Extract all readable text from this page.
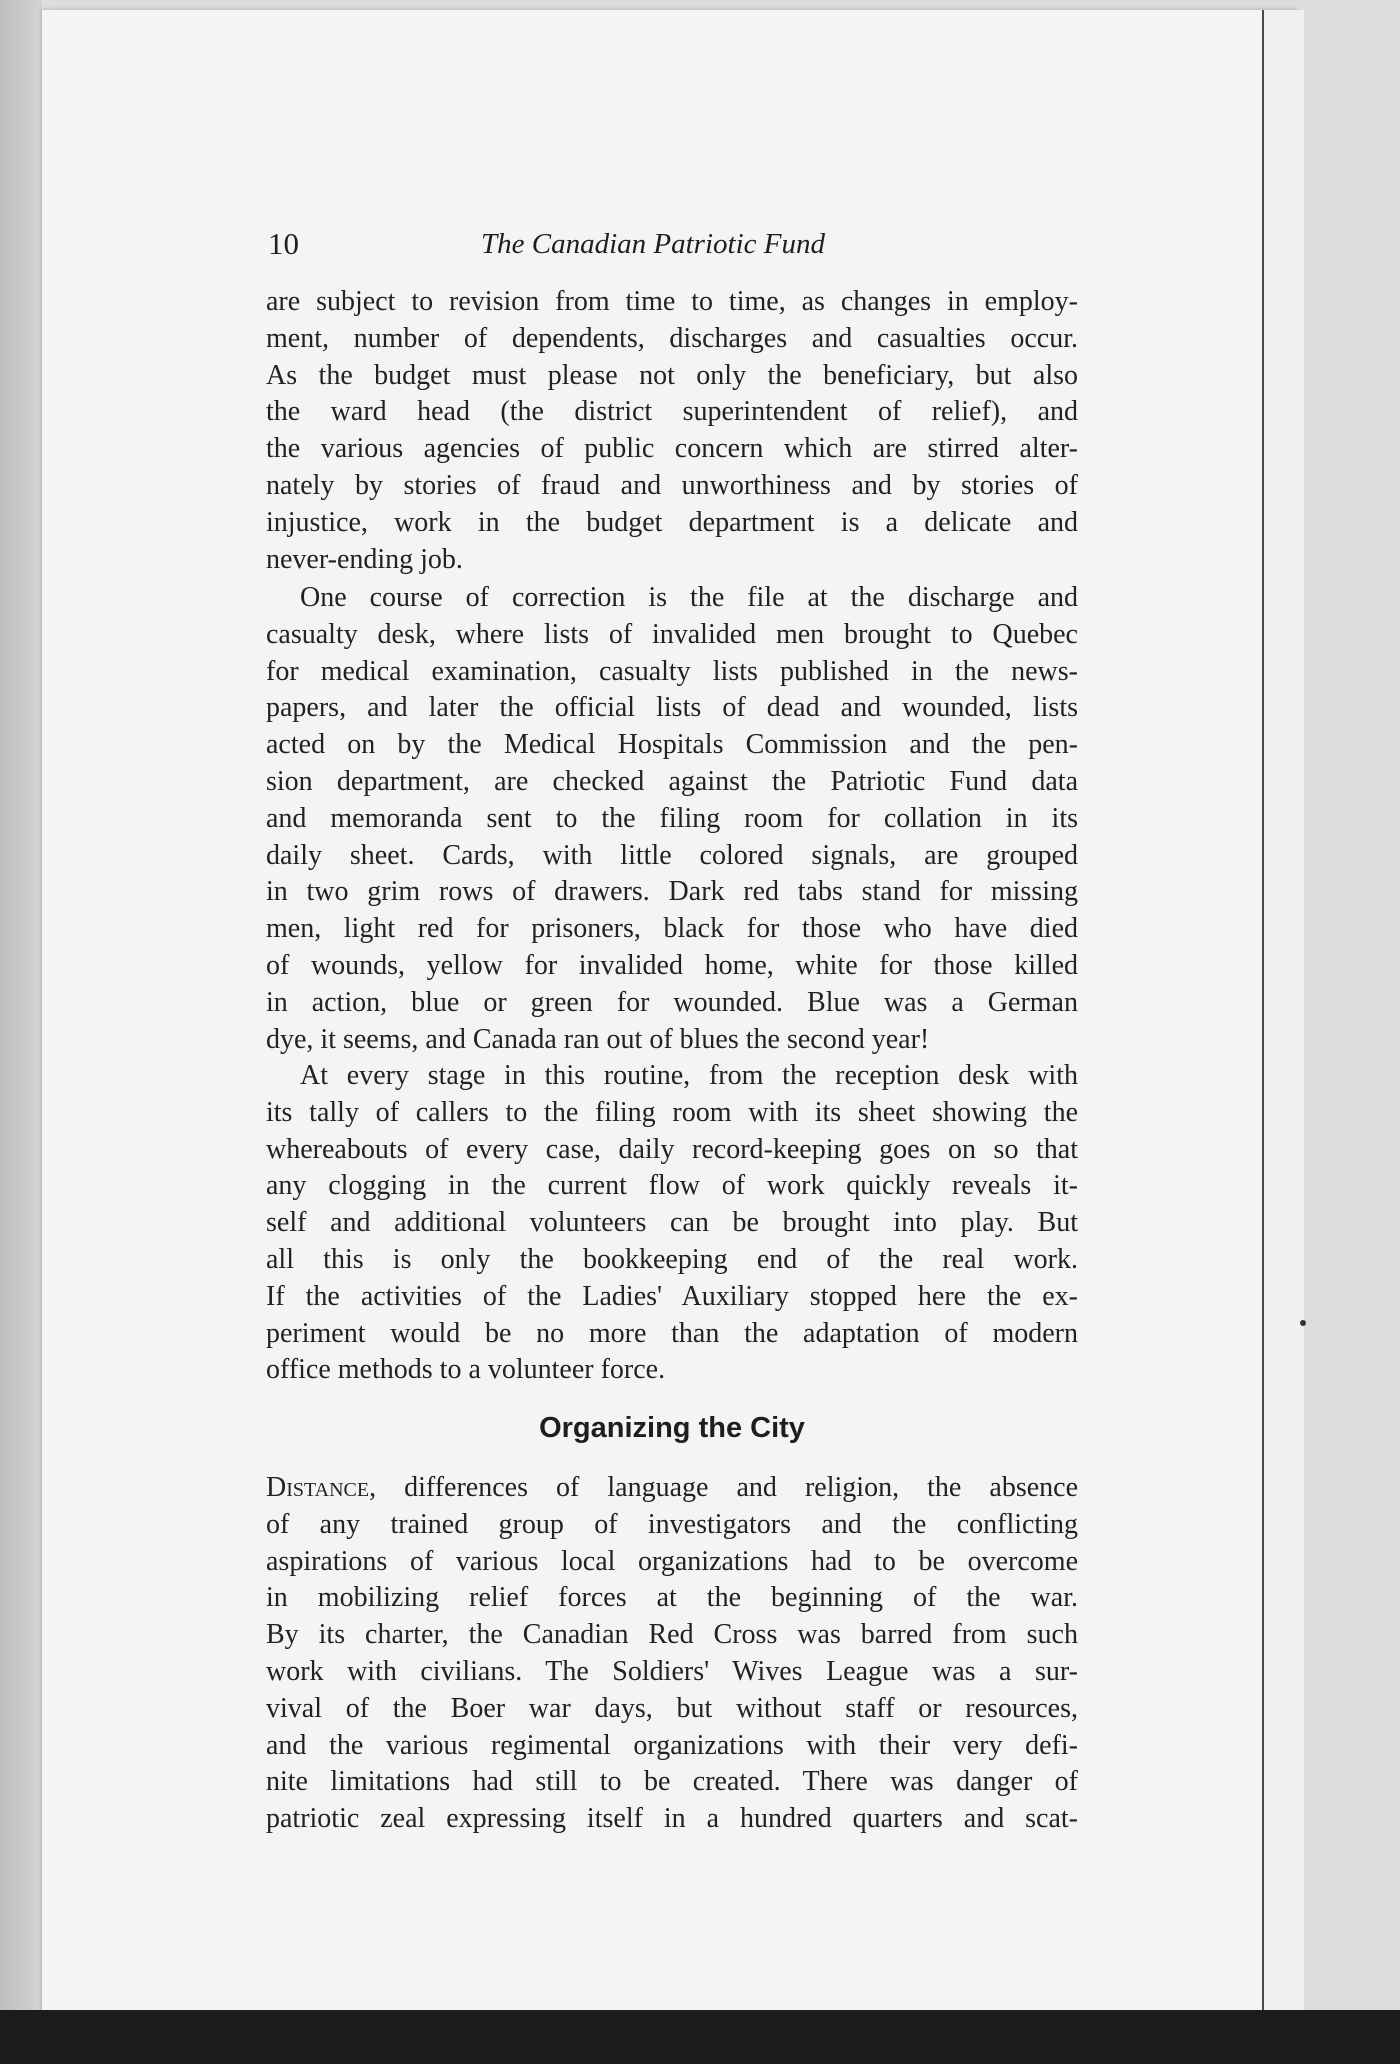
10	The Canadian Patriotic Fund

are subject to revision from time to time, as changes in employ-

ment, number of dependents, discharges and casualties occur.

As the budget must please not only the beneficiary, but also

the ward head (the district superintendent of relief), and

the various agencies of public concern which are stirred alter-

nately by stories of fraud and unworthiness and by stories of

injustice, work in the budget department is a delicate and

never-ending job.

One course of correction is the file at the discharge and

casualty desk, where lists of invalided men brought to Quebec

for medical examination, casualty lists published in the news-

papers, and later the official lists of dead and wounded, lists

acted on by the Medical Hospitals Commission and the pen-

sion department, are checked against the Patriotic Fund data

and memoranda sent to the filing room for collation in its

daily sheet. Cards, with little colored signals, are grouped

in two grim rows of drawers. Dark red tabs stand for missing

men, light red for prisoners, black for those who have died

of wounds, yellow for invalided home, white for those killed

in action, blue or green for wounded. Blue was a German

dye, it seems, and Canada ran out of blues the second year!

At every stage in this routine, from the reception desk with

its tally of callers to the filing room with its sheet showing the

whereabouts of every case, daily record-keeping goes on so that

any clogging in the current flow of work quickly reveals it-

self and additional volunteers can be brought into play. But

all this is only the bookkeeping end of the real work.

If the activities of the Ladies' Auxiliary stopped here the ex-

periment would be no more than the adaptation of modern

office methods to a volunteer force.

Organizing the City

Distance, differences of language and religion, the absence

of any trained group of investigators and the conflicting

aspirations of various local organizations had to be overcome

in mobilizing relief forces at the beginning of the war.

By its charter, the Canadian Red Cross was barred from such

work with civilians. The Soldiers' Wives League was a sur-

vival of the Boer war days, but without staff or resources,

and the various regimental organizations with their very defi-

nite limitations had still to be created. There was danger of

patriotic zeal expressing itself in a hundred quarters and scat-
